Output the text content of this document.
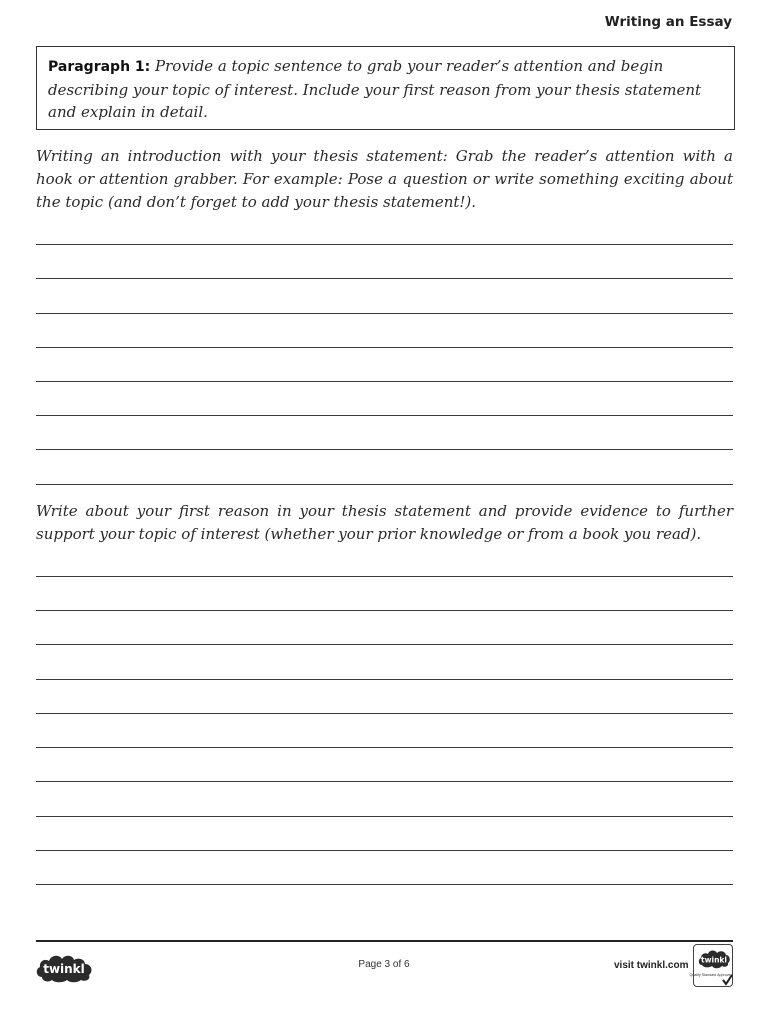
Writing an Essay
Paragraph 1: Provide a topic sentence to grab your reader’s attention and begin describing your topic of interest. Include your first reason from your thesis statement and explain in detail.
Writing an introduction with your thesis statement: Grab the reader’s attention with a hook or attention grabber. For example: Pose a question or write something exciting about the topic (and don’t forget to add your thesis statement!).
Write about your first reason in your thesis statement and provide evidence to further support your topic of interest (whether your prior knowledge or from a book you read).
twinkl	Page 3 of 6	visit twinkl.com twinkl
Quality Standard Approved
